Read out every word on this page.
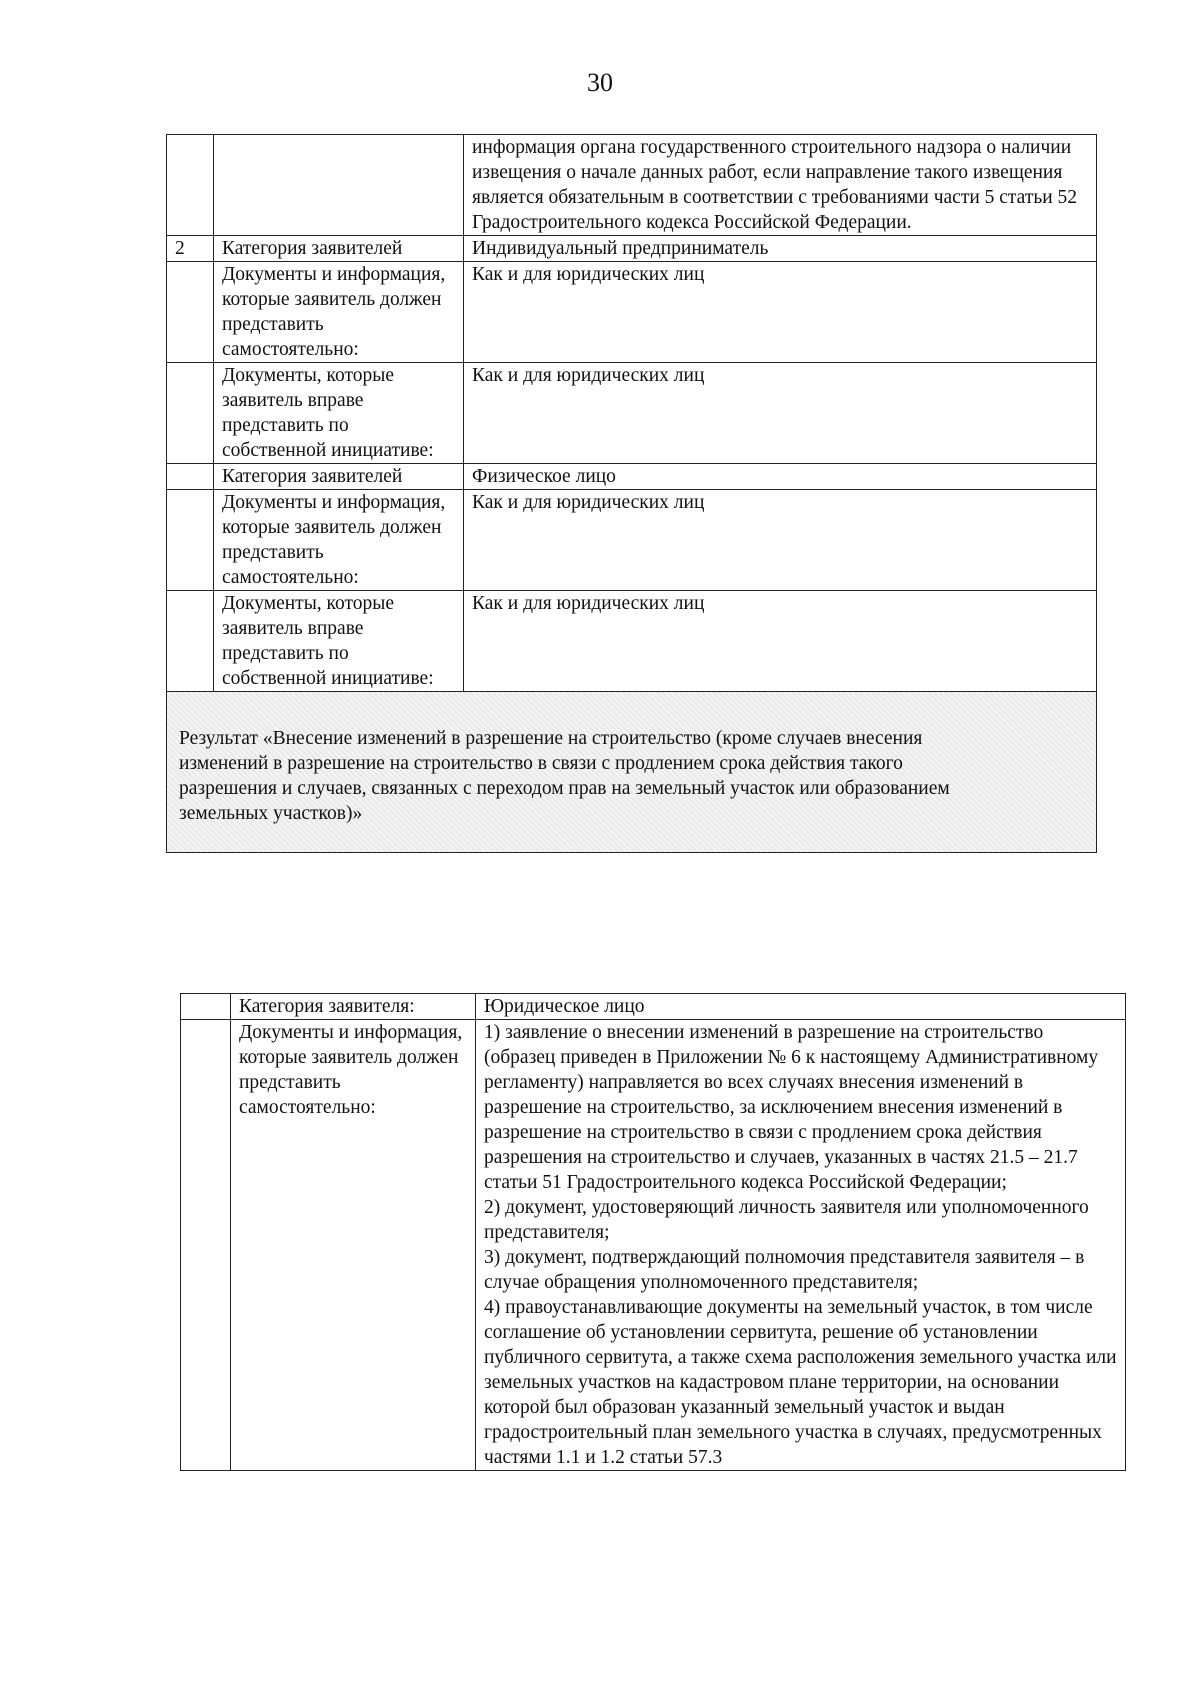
30
		информация органа государственного строительного надзора о наличии извещения о начале данных работ, если направление такого извещения является обязательным в соответствии с требованиями части 5 статьи 52 Градостроительного кодекса Российской Федерации.
2	Категория заявителей	Индивидуальный предприниматель
	Документы и информация, которые заявитель должен представить самостоятельно:	Как и для юридических лиц
	Документы, которые заявитель вправе представить по собственной инициативе:	Как и для юридических лиц
	Категория заявителей	Физическое лицо
	Документы и информация, которые заявитель должен представить самостоятельно:	Как и для юридических лиц
	Документы, которые заявитель вправе представить по собственной инициативе:	Как и для юридических лиц

Результат «Внесение изменений в разрешение на строительство (кроме случаев внесения
изменений в разрешение на строительство в связи с продлением срока действия такого
разрешения и случаев, связанных с переходом прав на земельный участок или образованием
земельных участков)»		
	Категория заявителя:	Юридическое лицо
	Документы и информация, которые заявитель должен представить самостоятельно:	1) заявление о внесении изменений в разрешение на строительство (образец приведен в Приложении № 6 к настоящему Административному регламенту) направляется во всех случаях внесения изменений в разрешение на строительство, за исключением внесения изменений в разрешение на строительство в связи с продлением срока действия разрешения на строительство и случаев, указанных в частях 21.5 – 21.7 статьи 51 Градостроительного кодекса Российской Федерации;
2) документ, удостоверяющий личность заявителя или уполномоченного представителя;
3) документ, подтверждающий полномочия представителя заявителя – в случае обращения уполномоченного представителя;
4) правоустанавливающие документы на земельный участок, в том числе соглашение об установлении сервитута, решение об установлении публичного сервитута, а также схема расположения земельного участка или земельных участков на кадастровом плане территории, на основании которой был образован указанный земельный участок и выдан градостроительный план земельного участка в случаях, предусмотренных частями 1.1 и 1.2 статьи 57.3
